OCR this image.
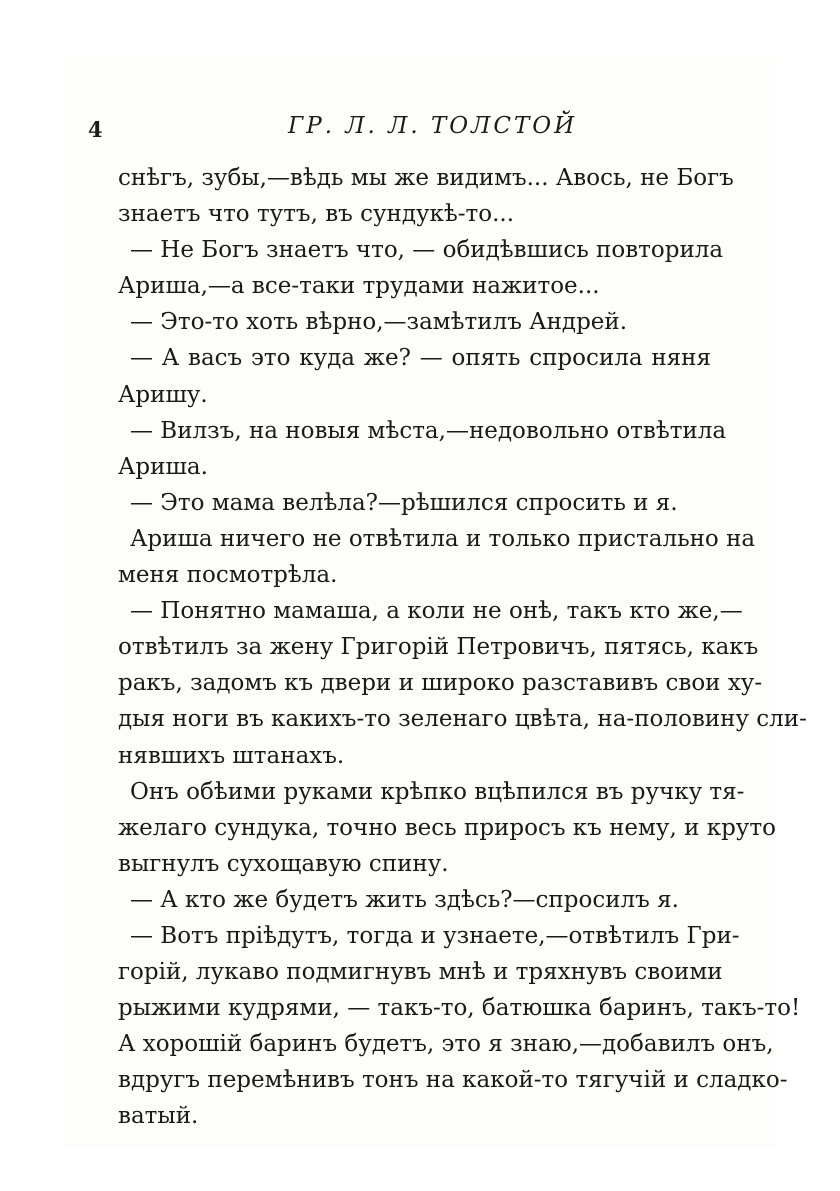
4	ГР. Л. Л. ТОЛСТОЙ
снѣгъ, зубы,—вѣдь мы же видимъ... Авось, не Богъ
знаетъ что тутъ, въ сундукѣ-то...
— Не Богъ знаетъ что, — обидѣвшись повторила
Ариша,—а все-таки трудами нажитое...
— Это-то хоть вѣрно,—замѣтилъ Андрей.
— А васъ это куда же? — опять спросила няня
Аришу.
— Вилзъ, на новыя мѣста,—недовольно отвѣтила
Ариша.
— Это мама велѣла?—рѣшился спросить и я.
Ариша ничего не отвѣтила и только пристально на
меня посмотрѣла.
— Понятно мамаша, а коли не онѣ, такъ кто же,—
отвѣтилъ за жену Григорій Петровичъ, пятясь, какъ
ракъ, задомъ къ двери и широко разставивъ свои ху-
дыя ноги въ какихъ-то зеленаго цвѣта, на-половину сли-
нявшихъ штанахъ.
Онъ обѣими руками крѣпко вцѣпился въ ручку тя-
желаго сундука, точно весь приросъ къ нему, и круто
выгнулъ сухощавую спину.
— А кто же будетъ жить здѣсь?—спросилъ я.
— Вотъ пріѣдутъ, тогда и узнаете,—отвѣтилъ Гри-
горій, лукаво подмигнувъ мнѣ и тряхнувъ своими
рыжими кудрями, — такъ-то, батюшка баринъ, такъ-то!
А хорошій баринъ будетъ, это я знаю,—добавилъ онъ,
вдругъ перемѣнивъ тонъ на какой-то тягучій и сладко-
ватый.
